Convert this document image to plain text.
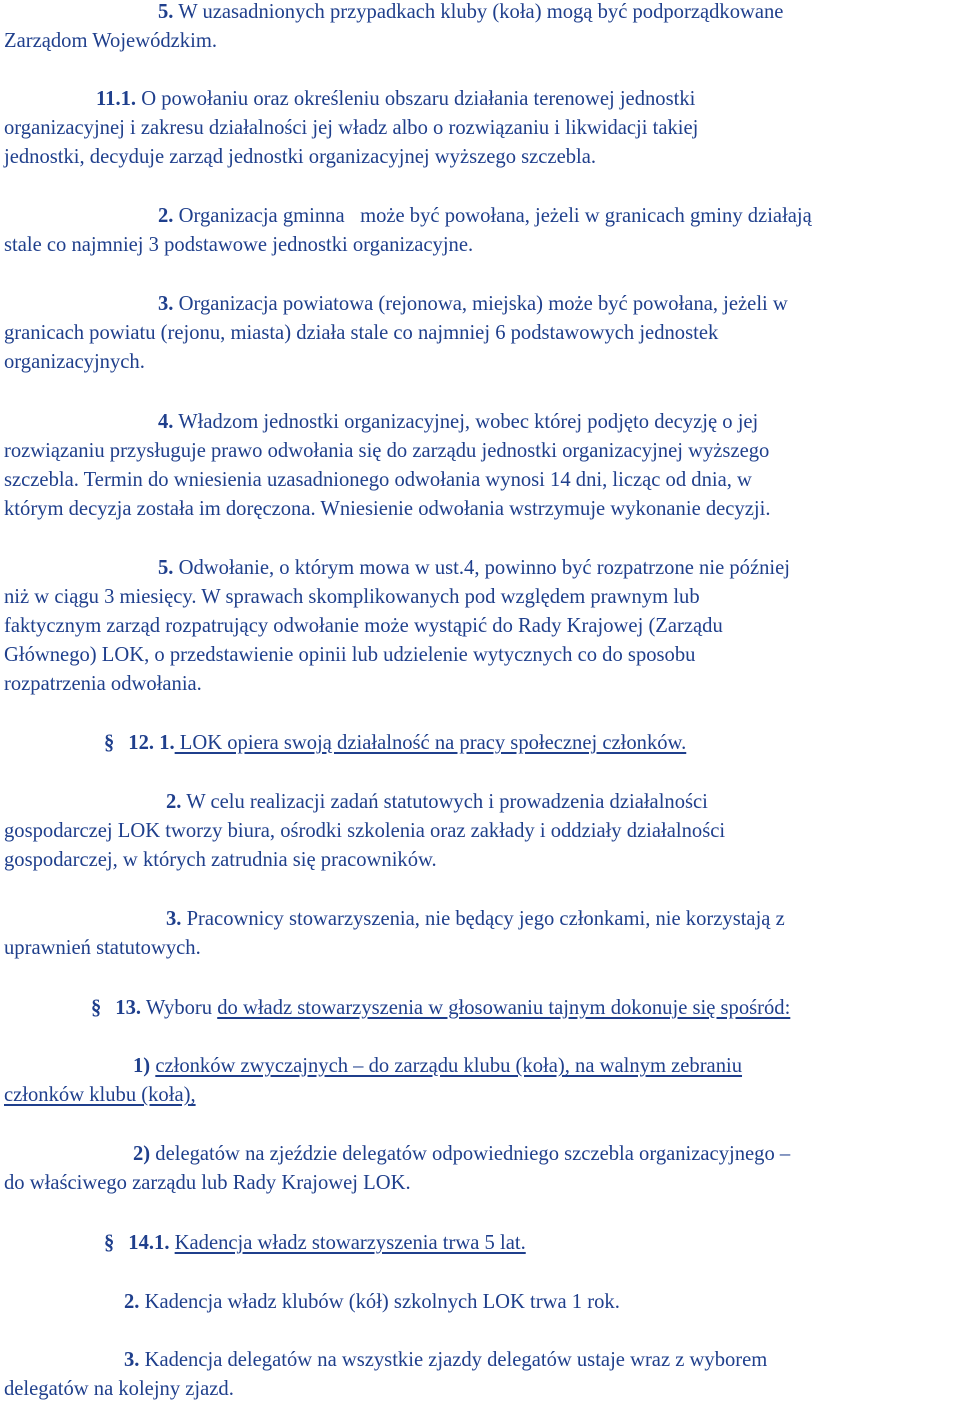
5. W uzasadnionych przypadkach kluby (koła) mogą być podporządkowane
Zarządom Wojewódzkim.
11.1. O powołaniu oraz określeniu obszaru działania terenowej jednostki
organizacyjnej i zakresu działalności jej władz albo o rozwiązaniu i likwidacji takiej
jednostki, decyduje zarząd jednostki organizacyjnej wyższego szczebla.
2. Organizacja gminna   może być powołana, jeżeli w granicach gminy działają
stale co najmniej 3 podstawowe jednostki organizacyjne.
3. Organizacja powiatowa (rejonowa, miejska) może być powołana, jeżeli w
granicach powiatu (rejonu, miasta) działa stale co najmniej 6 podstawowych jednostek
organizacyjnych.
4. Władzom jednostki organizacyjnej, wobec której podjęto decyzję o jej
rozwiązaniu przysługuje prawo odwołania się do zarządu jednostki organizacyjnej wyższego
szczebla. Termin do wniesienia uzasadnionego odwołania wynosi 14 dni, licząc od dnia, w
którym decyzja została im doręczona. Wniesienie odwołania wstrzymuje wykonanie decyzji.
5. Odwołanie, o którym mowa w ust.4, powinno być rozpatrzone nie później
niż w ciągu 3 miesięcy. W sprawach skomplikowanych pod względem prawnym lub
faktycznym zarząd rozpatrujący odwołanie może wystąpić do Rady Krajowej (Zarządu
Głównego) LOK, o przedstawienie opinii lub udzielenie wytycznych co do sposobu
rozpatrzenia odwołania.
§ 12. 1. LOK opiera swoją działalność na pracy społecznej członków.
2. W celu realizacji zadań statutowych i prowadzenia działalności
gospodarczej LOK tworzy biura, ośrodki szkolenia oraz zakłady i oddziały działalności
gospodarczej, w których zatrudnia się pracowników.
3. Pracownicy stowarzyszenia, nie będący jego członkami, nie korzystają z
uprawnień statutowych.
§ 13. Wyboru do władz stowarzyszenia w głosowaniu tajnym dokonuje się spośród:
1) członków zwyczajnych – do zarządu klubu (koła), na walnym zebraniu
członków klubu (koła),
2) delegatów na zjeździe delegatów odpowiedniego szczebla organizacyjnego –
do właściwego zarządu lub Rady Krajowej LOK.
§ 14.1. Kadencja władz stowarzyszenia trwa 5 lat.
2. Kadencja władz klubów (kół) szkolnych LOK trwa 1 rok.
3. Kadencja delegatów na wszystkie zjazdy delegatów ustaje wraz z wyborem
delegatów na kolejny zjazd.
